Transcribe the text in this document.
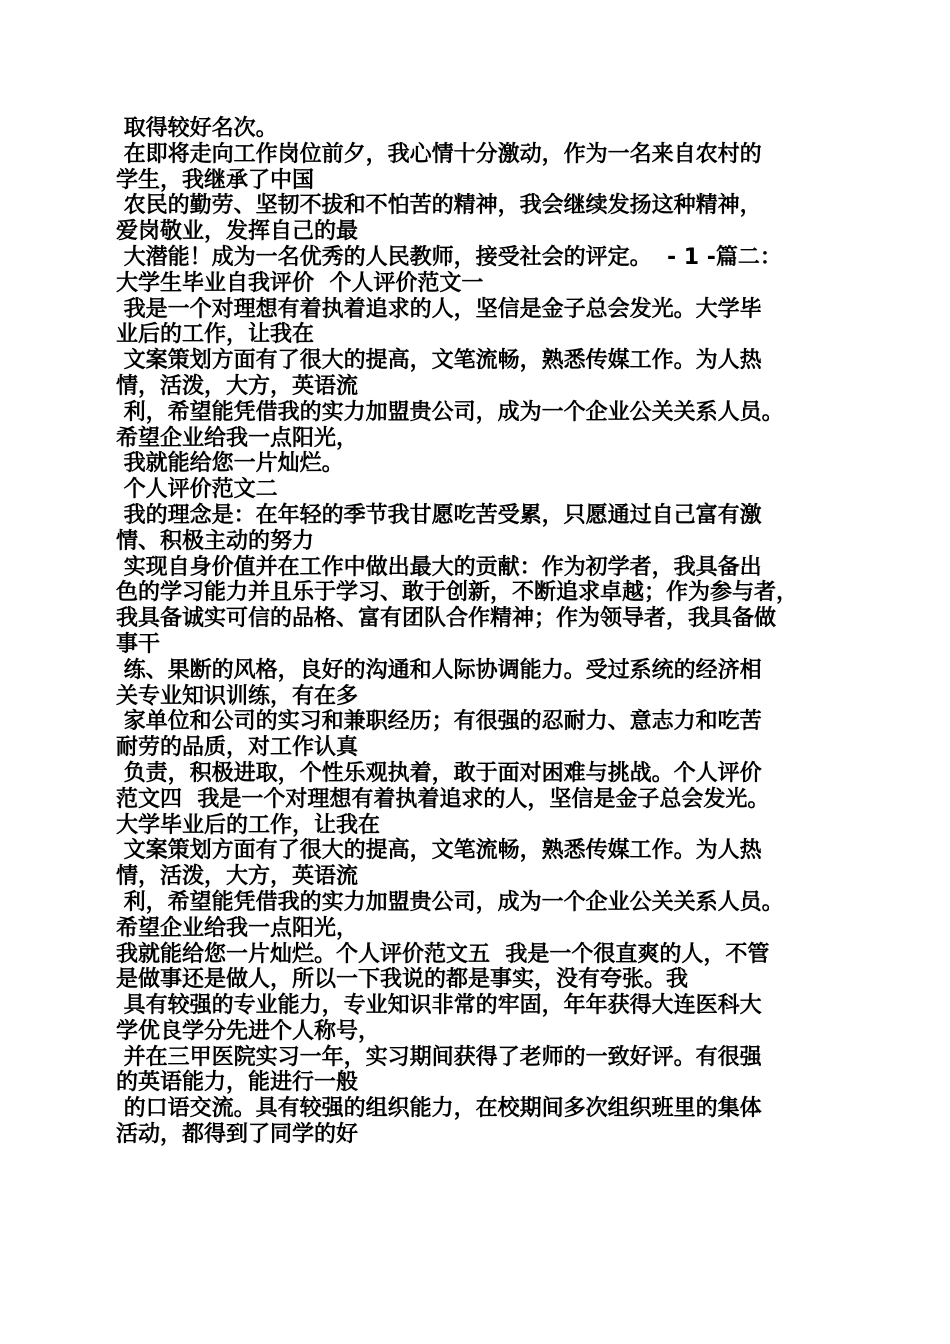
取得较好名次。
在即将走向工作岗位前夕，我心情十分激动，作为一名来自农村的
学生，我继承了中国
农民的勤劳、坚韧不拔和不怕苦的精神，我会继续发扬这种精神，
爱岗敬业，发挥自己的最
大潜能！成为一名优秀的人民教师，接受社会的评定。  - 1 -篇二：
大学生毕业自我评价  个人评价范文一
我是一个对理想有着执着追求的人，坚信是金子总会发光。大学毕
业后的工作，让我在
文案策划方面有了很大的提高，文笔流畅，熟悉传媒工作。为人热
情，活泼，大方，英语流
利，希望能凭借我的实力加盟贵公司，成为一个企业公关关系人员。
希望企业给我一点阳光，
我就能给您一片灿烂。
个人评价范文二
我的理念是：在年轻的季节我甘愿吃苦受累，只愿通过自己富有激
情、积极主动的努力
实现自身价值并在工作中做出最大的贡献：作为初学者，我具备出
色的学习能力并且乐于学习、敢于创新，不断追求卓越；作为参与者，
我具备诚实可信的品格、富有团队合作精神；作为领导者，我具备做
事干
练、果断的风格，良好的沟通和人际协调能力。受过系统的经济相
关专业知识训练，有在多
家单位和公司的实习和兼职经历；有很强的忍耐力、意志力和吃苦
耐劳的品质，对工作认真
负责，积极进取，个性乐观执着，敢于面对困难与挑战。个人评价
范文四  我是一个对理想有着执着追求的人，坚信是金子总会发光。
大学毕业后的工作，让我在
文案策划方面有了很大的提高，文笔流畅，熟悉传媒工作。为人热
情，活泼，大方，英语流
利，希望能凭借我的实力加盟贵公司，成为一个企业公关关系人员。
希望企业给我一点阳光，
我就能给您一片灿烂。个人评价范文五  我是一个很直爽的人，不管
是做事还是做人，所以一下我说的都是事实，没有夸张。我
具有较强的专业能力，专业知识非常的牢固，年年获得大连医科大
学优良学分先进个人称号，
并在三甲医院实习一年，实习期间获得了老师的一致好评。有很强
的英语能力，能进行一般
的口语交流。具有较强的组织能力，在校期间多次组织班里的集体
活动，都得到了同学的好
